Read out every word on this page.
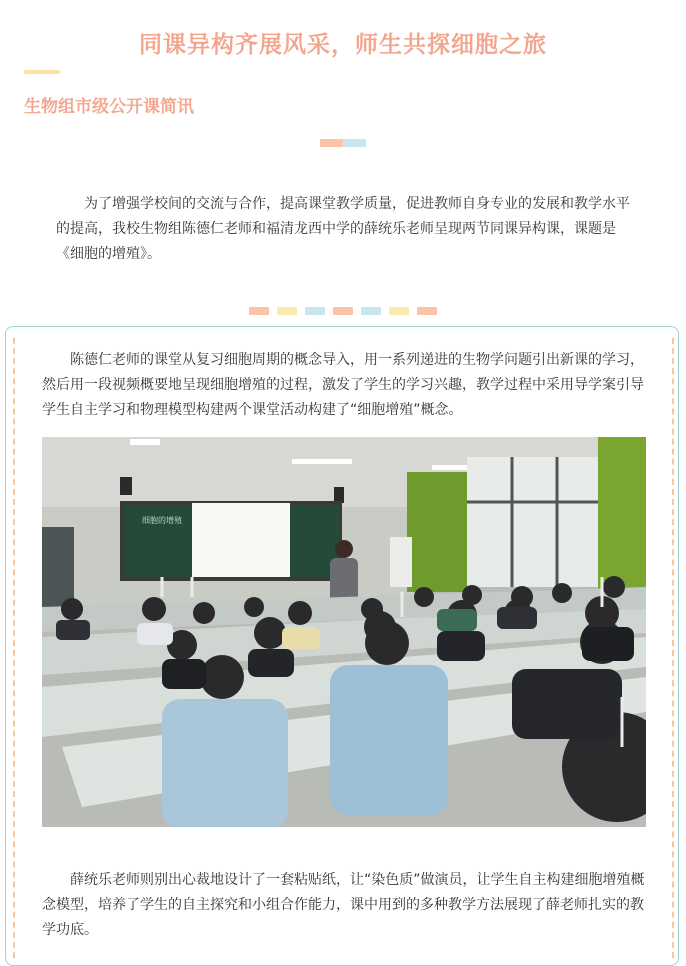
同课异构齐展风采，师生共探细胞之旅
生物组市级公开课简讯
为了增强学校间的交流与合作，提高课堂教学质量，促进教师自身专业的发展和教学水平的提高，我校生物组陈德仁老师和福清龙西中学的薛统乐老师呈现两节同课异构课，课题是《细胞的增殖》。
陈德仁老师的课堂从复习细胞周期的概念导入，用一系列递进的生物学问题引出新课的学习，然后用一段视频概要地呈现细胞增殖的过程，激发了学生的学习兴趣，教学过程中采用导学案引导学生自主学习和物理模型构建两个课堂活动构建了“细胞增殖”概念。
细胞的增殖
薛统乐老师则别出心裁地设计了一套粘贴纸，让“染色质”做演员，让学生自主构建细胞增殖概念模型，培养了学生的自主探究和小组合作能力，课中用到的多种教学方法展现了薛老师扎实的教学功底。
